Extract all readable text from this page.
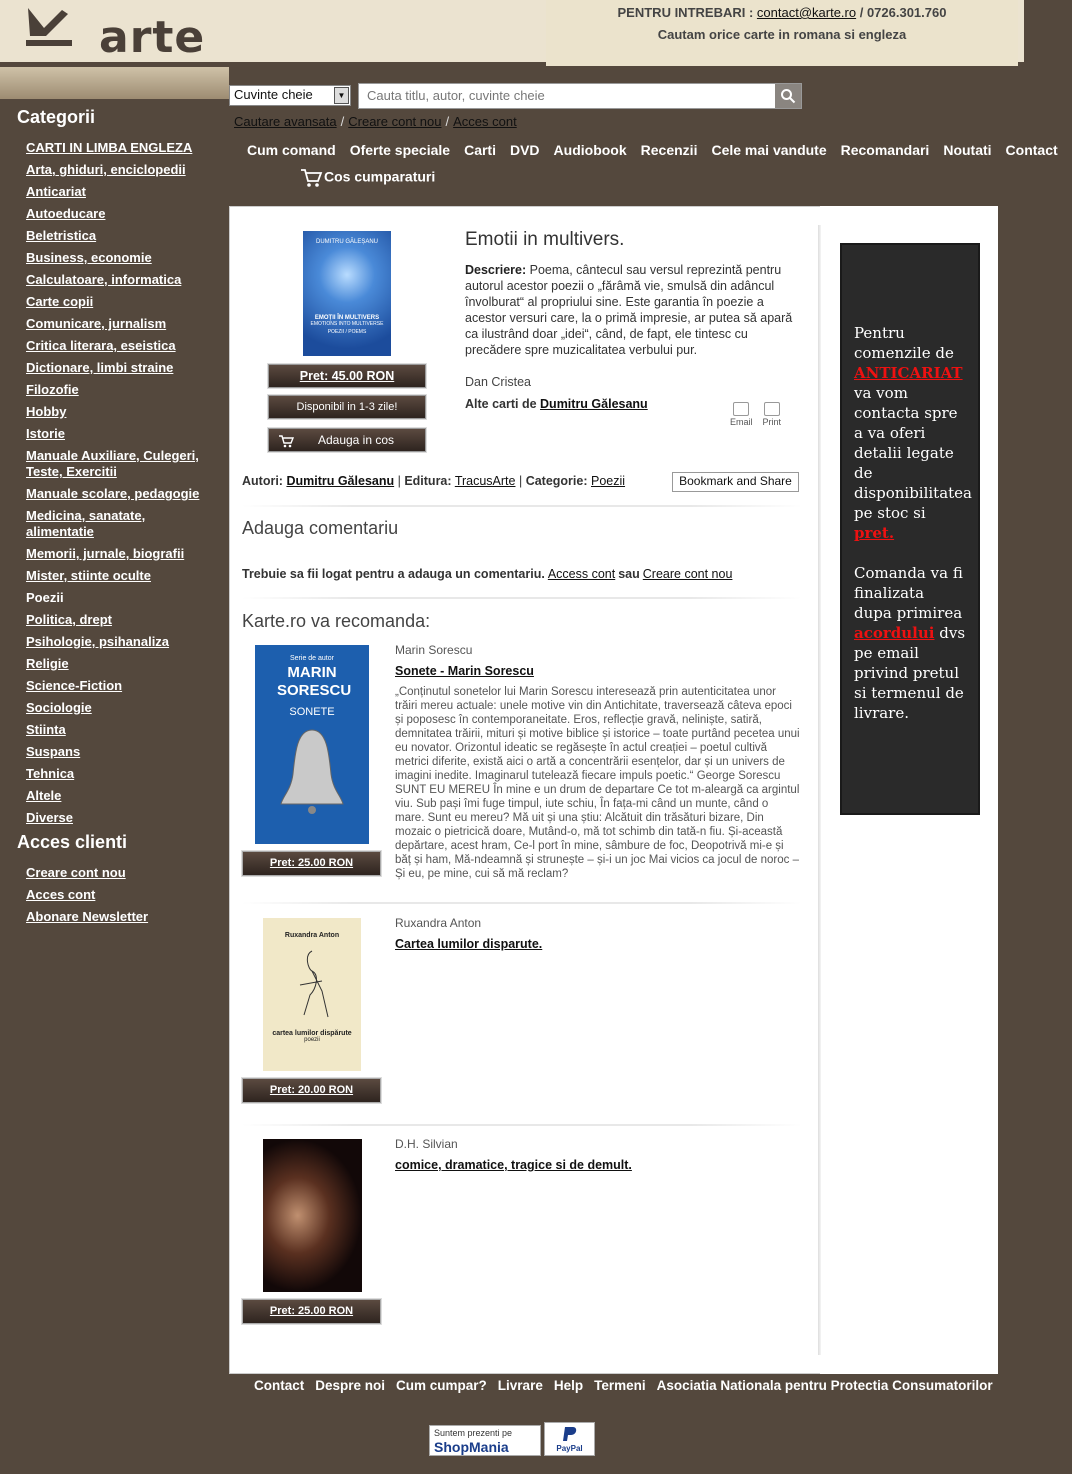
arte	PENTRU INTREBARI : contact@karte.ro / 0726.301.760
Cautam orice carte in romana si engleza
Cuvinte cheie	▼	Cauta titlu, autor, cuvinte cheie
Cautare avansata / Creare cont nou / Acces cont
Cum comand Oferte speciale Carti DVD Audiobook Recenzii Cele mai vandute Recomandari Noutati Contact
Cos cumparaturi
Categorii
CARTI IN LIMBA ENGLEZA
Arta, ghiduri, enciclopedii
Anticariat
Autoeducare
Beletristica
Business, economie
Calculatoare, informatica
Carte copii
Comunicare, jurnalism
Critica literara, eseistica
Dictionare, limbi straine
Filozofie
Hobby
Istorie
Manuale Auxiliare, Culegeri, Teste, Exercitii
Manuale scolare, pedagogie
Medicina, sanatate, alimentatie
Memorii, jurnale, biografii
Mister, stiinte oculte
Poezii
Politica, drept
Psihologie, psihanaliza
Religie
Science-Fiction
Sociologie
Stiinta
Suspans
Tehnica
Altele
Diverse
Acces clienti
Creare cont nou
Acces cont
Abonare Newsletter
Pentru comenzile de ANTICARIAT va vom contacta spre a va oferi detalii legate de disponibilitatea pe stoc si pret.

Comanda va fi finalizata dupa primirea acordului dvs pe email privind pretul si termenul de livrare.
DUMITRU GĂLEȘANU
EMOȚII ÎN MULTIVERS
EMOTIONS INTO MULTIVERSE
POEZII / POEMS
Pret: 45.00 RON
Disponibil in 1-3 zile!
Adauga in cos
Emotii in multivers.
Descriere: Poema, cântecul sau versul reprezintă pentru autorul acestor poezii o „fărâmă vie, smulsă din adâncul învolburat“ al propriului sine. Este garantia în poezie a acestor versuri care, la o primă impresie, ar putea să apară ca ilustrând doar „idei“, când, de fapt, ele tintesc cu precădere spre muzicalitatea verbului pur.
Dan Cristea
Alte carti de Dumitru Gălesanu
Email Print
Autori: Dumitru Gălesanu | Editura: TracusArte | Categorie: Poezii	Bookmark and Share
Adauga comentariu
Trebuie sa fii logat pentru a adauga un comentariu. Access cont sau Creare cont nou
Karte.ro va recomanda:
Serie de autor
MARIN SORESCU
SONETE
Marin Sorescu
Sonete - Marin Sorescu
„Conținutul sonetelor lui Marin Sorescu interesează prin autenticitatea unor trăiri mereu actuale: unele motive vin din Antichitate, traversează câteva epoci și poposesc în contemporaneitate. Eros, reflecție gravă, neliniște, satiră, demnitatea trăirii, mituri și motive biblice și istorice – toate purtând pecetea unui eu novator. Orizontul ideatic se regăsește în actul creației – poetul cultivă metrici diferite, există aici o artă a concentrării esențelor, dar și un univers de imagini inedite. Imaginarul tutelează fiecare impuls poetic.“ George Sorescu SUNT EU MEREU În mine e un drum de departare Ce tot m-aleargă ca argintul viu. Sub pași îmi fuge timpul, iute schiu, În fața-mi când un munte, când o mare. Sunt eu mereu? Mă uit și una știu: Alcătuit din trăsături bizare, Din mozaic o pietricică doare, Mutând-o, mă tot schimb din tată-n fiu. Și-această depărtare, acest hram, Ce-l port în mine, sâmbure de foc, Deopotrivă mi-e și băț și ham, Mă-ndeamnă și strunește – și-i un joc Mai vicios ca jocul de noroc – Și eu, pe mine, cui să mă reclam?
Pret: 25.00 RON
Ruxandra Anton
cartea lumilor dispărute
poezii
Ruxandra Anton
Cartea lumilor disparute.
Pret: 20.00 RON
D.H. Silvian
comice, dramatice, tragice si de demult.
Pret: 25.00 RON
Contact Despre noi Cum cumpar? Livrare Help Termeni Asociatia Nationala pentru Protectia Consumatorilor
Suntem prezenti pe
ShopMania	PayPal
